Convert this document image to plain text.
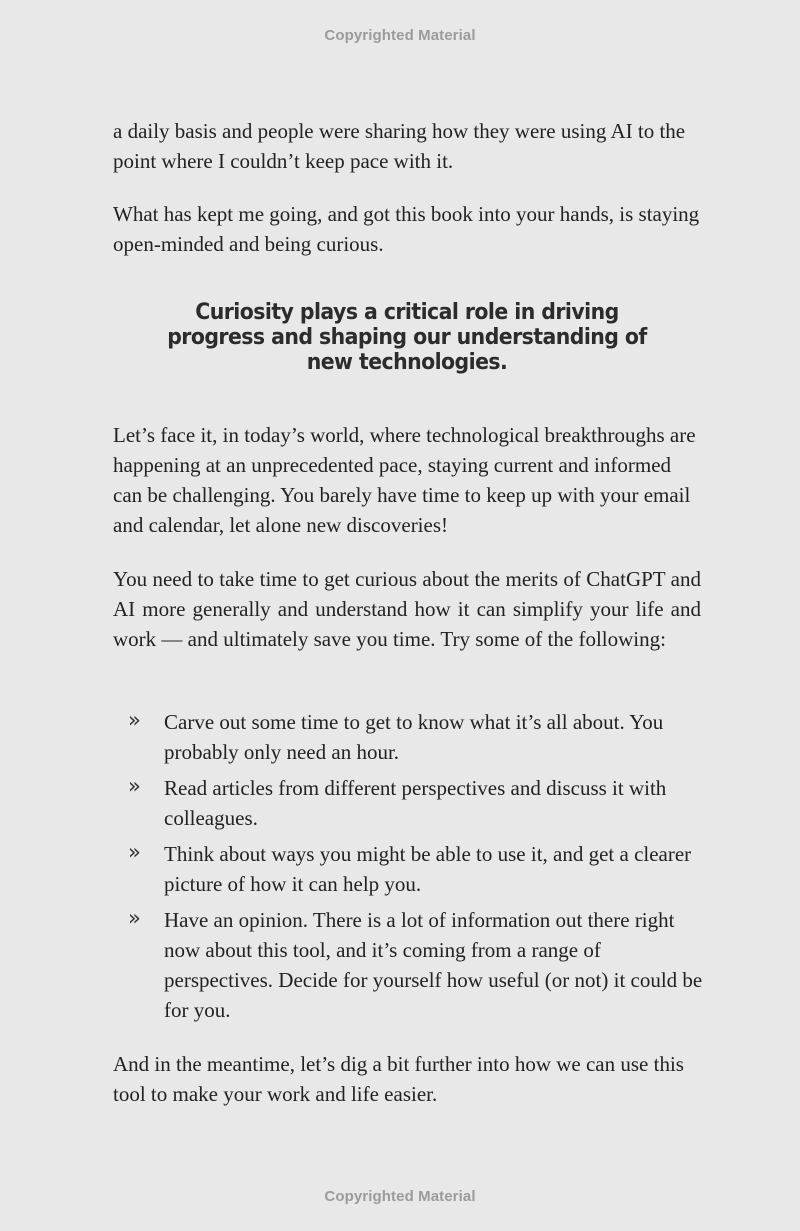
Copyrighted Material

a daily basis and people were sharing how they were using AI to the point where I couldn’t keep pace with it.

What has kept me going, and got this book into your hands, is staying open-minded and being curious.

Curiosity plays a critical role in driving
progress and shaping our understanding of
new technologies.

Let’s face it, in today’s world, where technological breakthroughs are happening at an unprecedented pace, staying current and informed can be challenging. You barely have time to keep up with your email and calendar, let alone new discoveries!

You need to take time to get curious about the merits of ChatGPT and AI more generally and understand how it can simplify your life and work — and ultimately save you time. Try some of the following:

» Carve out some time to get to know what it’s all about. You probably only need an hour.
» Read articles from different perspectives and discuss it with colleagues.
» Think about ways you might be able to use it, and get a clearer picture of how it can help you.
» Have an opinion. There is a lot of information out there right now about this tool, and it’s coming from a range of perspectives. Decide for yourself how useful (or not) it could be for you.

And in the meantime, let’s dig a bit further into how we can use this tool to make your work and life easier.

Copyrighted Material
